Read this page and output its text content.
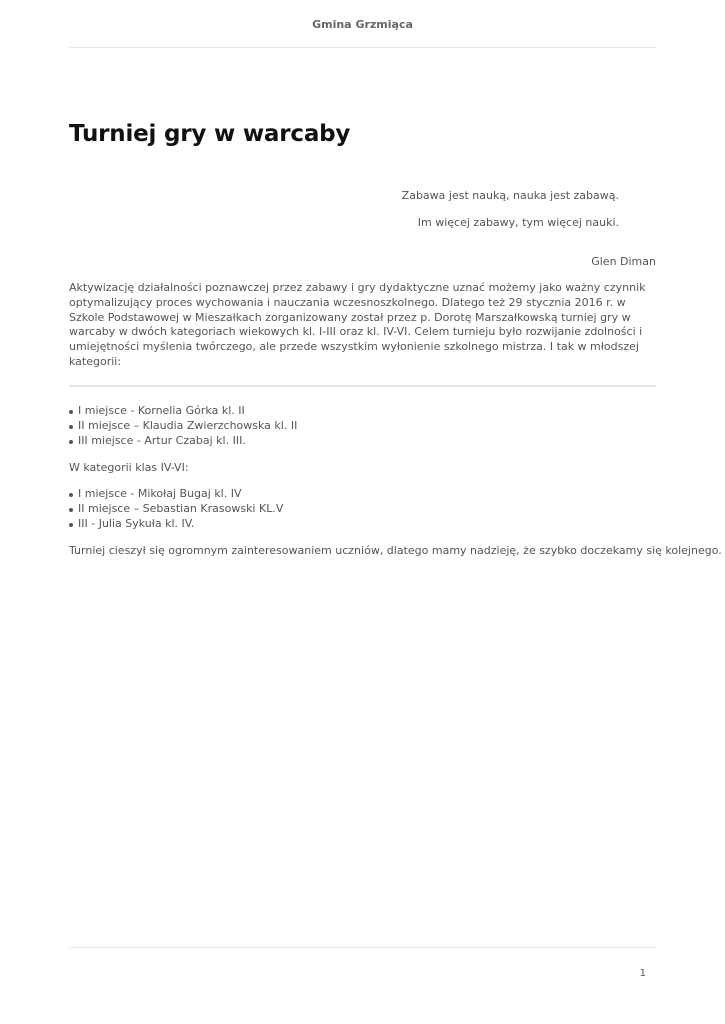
Gmina Grzmiąca
Turniej gry w warcaby
Zabawa jest nauką, nauka jest zabawą.
Im więcej zabawy, tym więcej nauki.
Glen Diman

Aktywizację działalności poznawczej przez zabawy i gry dydaktyczne uznać możemy jako ważny czynnik optymalizujący proces wychowania i nauczania wczesnoszkolnego. Dlatego też 29 stycznia 2016 r. w Szkole Podstawowej w Mieszałkach zorganizowany został przez p. Dorotę Marszałkowską turniej gry w warcaby w dwóch kategoriach wiekowych kl. I-III oraz kl. IV-VI. Celem turnieju było rozwijanie zdolności i umiejętności myślenia twórczego, ale przede wszystkim wyłonienie szkolnego mistrza. I tak w młodszej kategorii:

I miejsce - Kornelia Górka kl. II
II miejsce – Klaudia Zwierzchowska kl. II
III miejsce - Artur Czabaj kl. III.

W kategorii klas IV-VI:

I miejsce - Mikołaj Bugaj kl. IV
II miejsce – Sebastian Krasowski KL.V
III - Julia Sykuła kl. IV.

Turniej cieszył się ogromnym zainteresowaniem uczniów, dlatego mamy nadzieję, że szybko doczekamy się kolejnego.

1
